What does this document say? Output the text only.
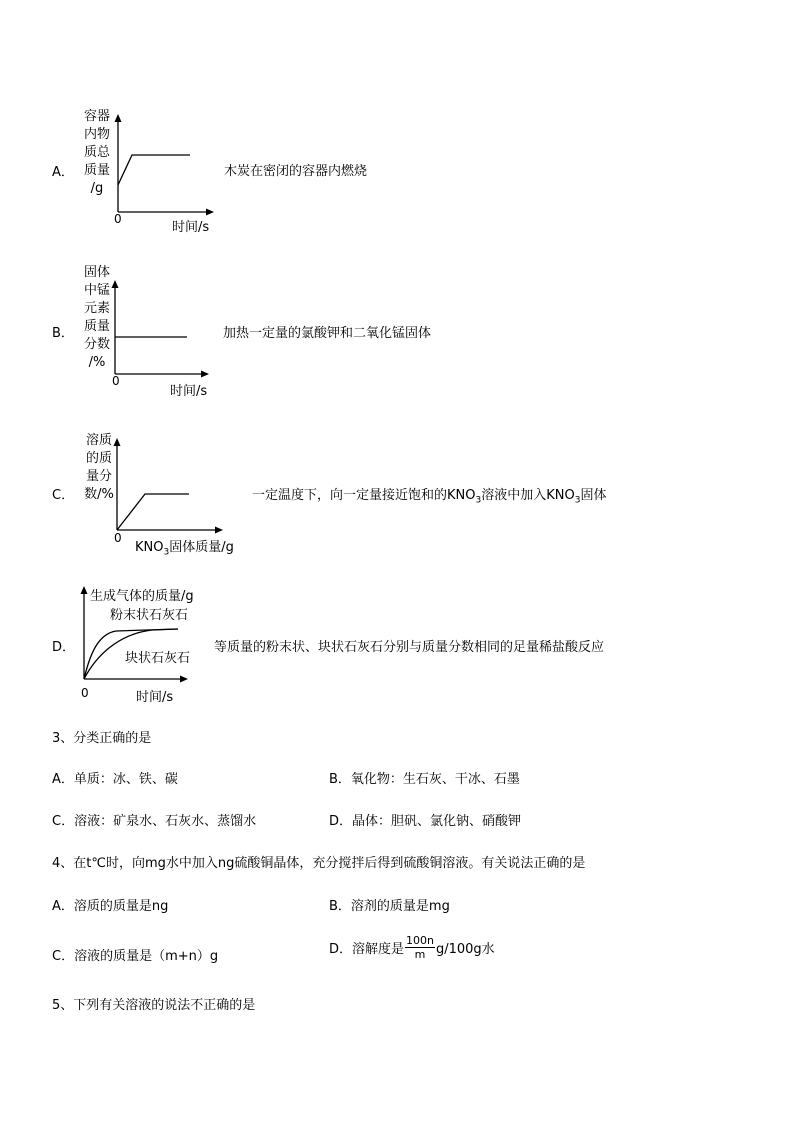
A．
容器
内物
质总
质量
/g
0
时间/s
木炭在密闭的容器内燃烧
B．
固体
中锰
元素
质量
分数
/%
0
时间/s
加热一定量的氯酸钾和二氧化锰固体
C．
溶质
的质
量分
数/%
0
$KNO_3$固体质量/g
一定温度下，向一定量接近饱和的$KNO_3$溶液中加入$KNO_3$固体
D．
生成气体的质量/g
粉末状石灰石
块状石灰石
0	时间/s
等质量的粉末状、块状石灰石分别与质量分数相同的足量稀盐酸反应
3、分类正确的是
A．单质：冰、铁、碳	B．氧化物：生石灰、干冰、石墨
C．溶液：矿泉水、石灰水、蒸馏水	D．晶体：胆矾、氯化钠、硝酸钾
4、在t℃时，向mg水中加入ng硫酸铜晶体，充分搅拌后得到硫酸铜溶液。有关说法正确的是
A．溶质的质量是ng	B．溶剂的质量是mg
C．溶液的质量是（m+n）g	D．溶解度是 $\frac{100n}{m} g/100g$水
5、下列有关溶液的说法不正确的是
